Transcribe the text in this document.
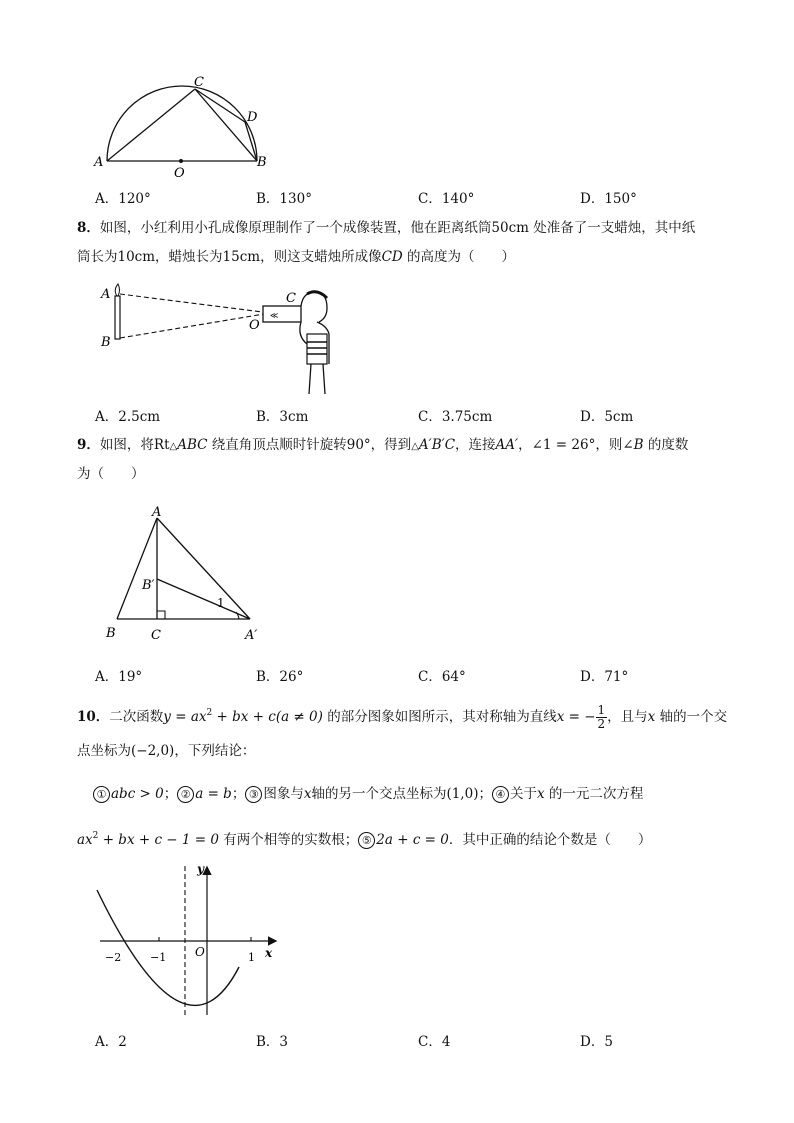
A
C
D
B
O
A．120°	B．130°	C．140°	D．150°
8．如图，小红利用小孔成像原理制作了一个成像装置，他在距离纸筒50cm 处准备了一支蜡烛，其中纸
筒长为10cm，蜡烛长为15cm，则这支蜡烛所成像CD 的高度为（　　）
≪
A
B
C
O
A．2.5cm	B．3cm	C．3.75cm	D．5cm
9．如图，将Rt△ABC 绕直角顶点顺时针旋转90°，得到△A′B′C，连接AA′，∠1 = 26°，则∠B 的度数
为（　　）
A
B′
1
B	C	A′
A．19°	B．26°	C．64°	D．71°
10．二次函数$y = ax^2$ + bx + c(a ≠ 0) 的部分图象如图所示，其对称轴为直线x = − $\frac{1}{2}$ ，且与x 轴的一个交
点坐标为(−2,0)，下列结论：
① abc > 0； ② a = b； ③ 图象与x轴的另一个交点坐标为(1,0)； ④ 关于x 的一元二次方程
$ax^2$ + bx + c − 1 = 0 有两个相等的实数根； ⑤ 2a + c = 0．其中正确的结论个数是（　　）
y
x
O
−2	−1	1
A．2	B．3	C．4	D．5
